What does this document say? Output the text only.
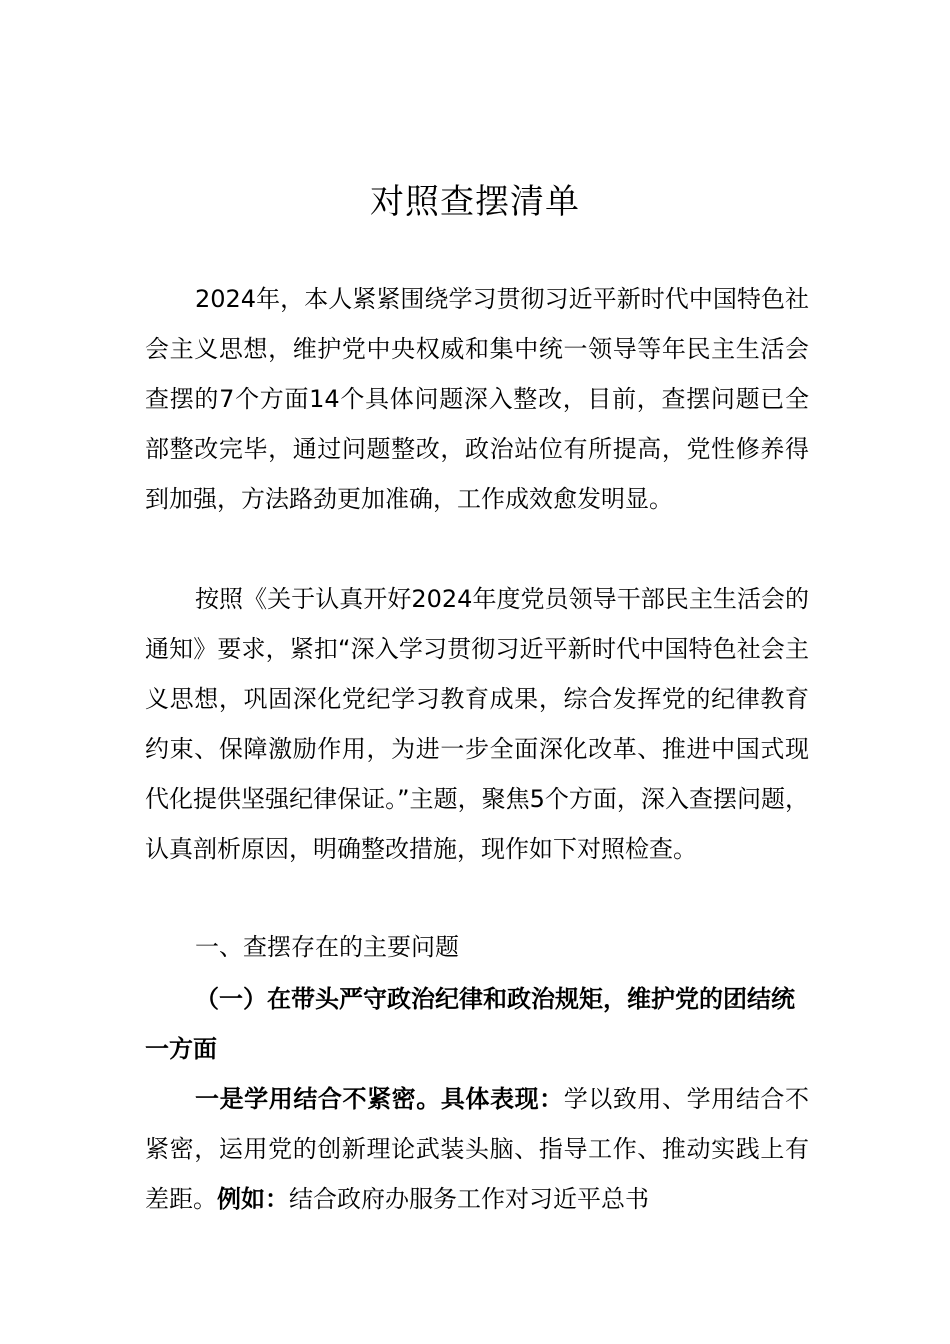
对照查摆清单

2024年，本人紧紧围绕学习贯彻习近平新时代中国特色社会主义思想，维护党中央权威和集中统一领导等年民主生活会查摆的7个方面14个具体问题深入整改，目前，查摆问题已全部整改完毕，通过问题整改，政治站位有所提高，党性修养得到加强，方法路劲更加准确，工作成效愈发明显。

按照《关于认真开好2024年度党员领导干部民主生活会的通知》要求，紧扣“深入学习贯彻习近平新时代中国特色社会主义思想，巩固深化党纪学习教育成果，综合发挥党的纪律教育约束、保障激励作用，为进一步全面深化改革、推进中国式现代化提供坚强纪律保证。”主题，聚焦5个方面，深入查摆问题，认真剖析原因，明确整改措施，现作如下对照检查。

一、查摆存在的主要问题
（一）在带头严守政治纪律和政治规矩，维护党的团结统一方面

一是学用结合不紧密。具体表现：学以致用、学用结合不紧密，运用党的创新理论武装头脑、指导工作、推动实践上有差距。例如：结合政府办服务工作对习近平总书
